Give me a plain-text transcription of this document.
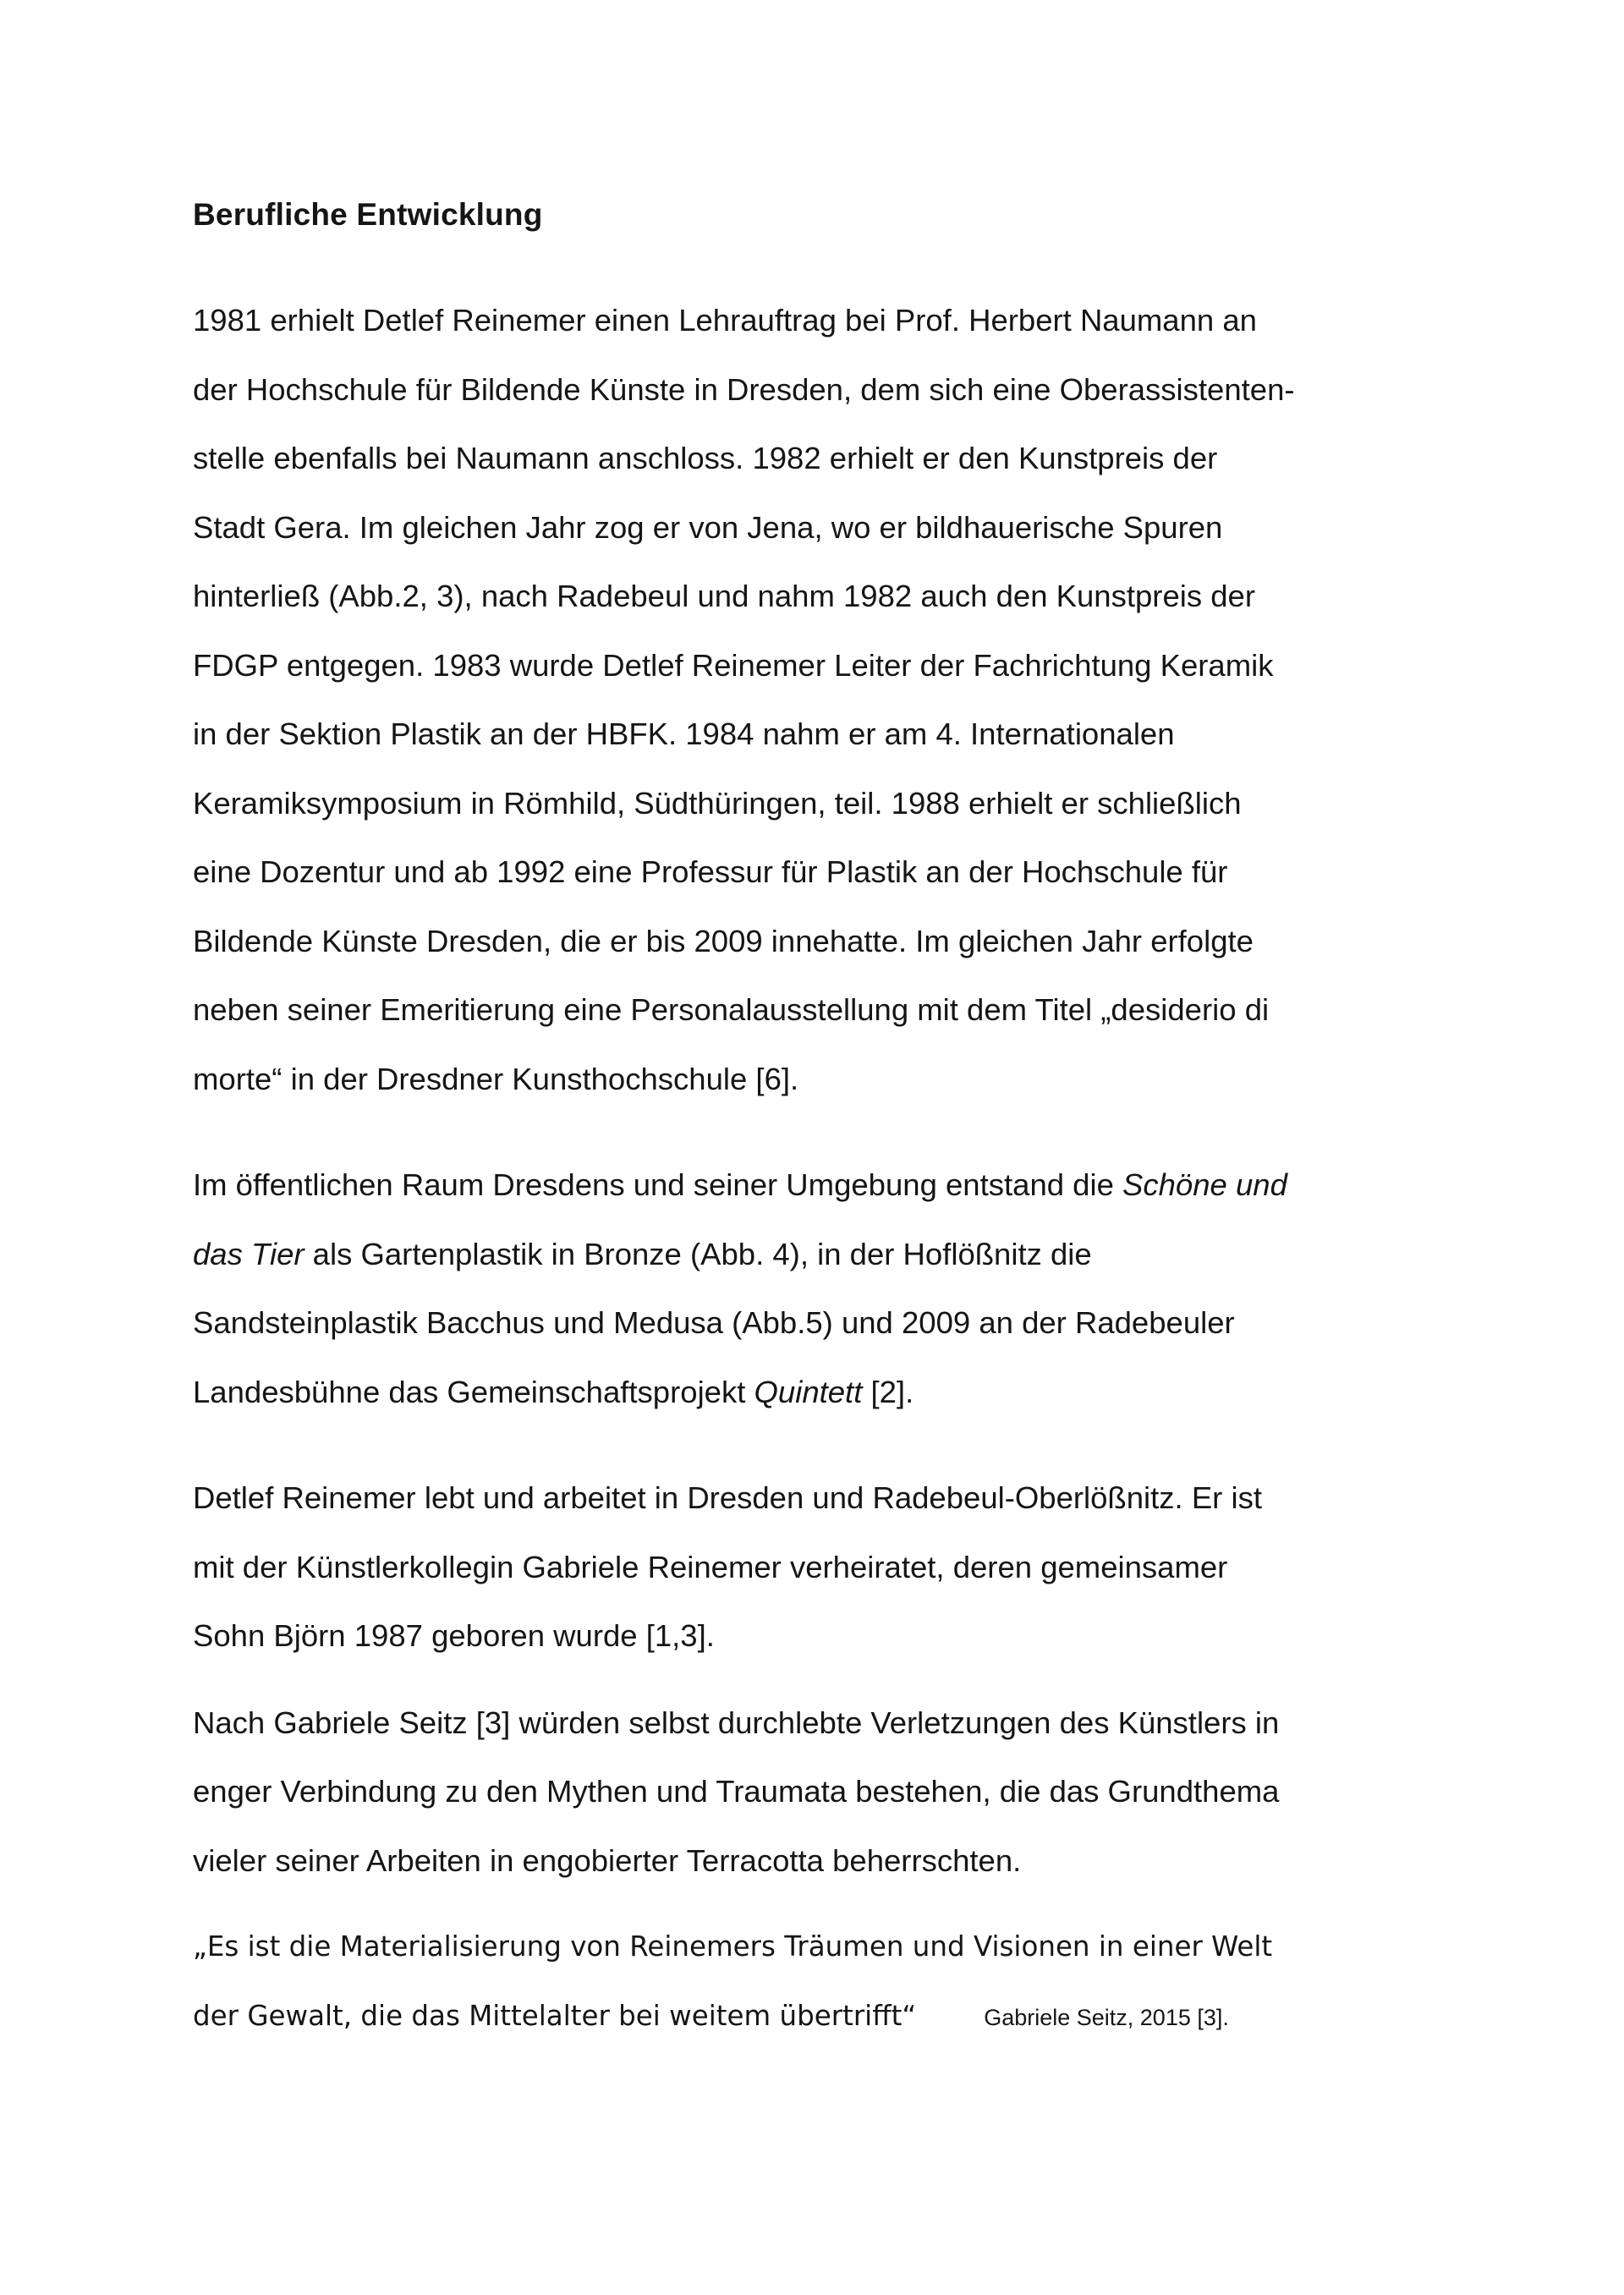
Berufliche Entwicklung

1981 erhielt Detlef Reinemer einen Lehrauftrag bei Prof. Herbert Naumann an
der Hochschule für Bildende Künste in Dresden, dem sich eine Oberassistenten-
stelle ebenfalls bei Naumann anschloss. 1982 erhielt er den Kunstpreis der
Stadt Gera. Im gleichen Jahr zog er von Jena, wo er bildhauerische Spuren
hinterließ (Abb.2, 3), nach Radebeul und nahm 1982 auch den Kunstpreis der
FDGP entgegen. 1983 wurde Detlef Reinemer Leiter der Fachrichtung Keramik
in der Sektion Plastik an der HBFK. 1984 nahm er am 4. Internationalen
Keramiksymposium in Römhild, Südthüringen, teil. 1988 erhielt er schließlich
eine Dozentur und ab 1992 eine Professur für Plastik an der Hochschule für
Bildende Künste Dresden, die er bis 2009 innehatte. Im gleichen Jahr erfolgte
neben seiner Emeritierung eine Personalausstellung mit dem Titel „desiderio di
morte“ in der Dresdner Kunsthochschule [6].

Im öffentlichen Raum Dresdens und seiner Umgebung entstand die Schöne und
das Tier als Gartenplastik in Bronze (Abb. 4), in der Hoflößnitz die
Sandsteinplastik Bacchus und Medusa (Abb.5) und 2009 an der Radebeuler
Landesbühne das Gemeinschaftsprojekt Quintett [2].

Detlef Reinemer lebt und arbeitet in Dresden und Radebeul-Oberlößnitz. Er ist
mit der Künstlerkollegin Gabriele Reinemer verheiratet, deren gemeinsamer
Sohn Björn 1987 geboren wurde [1,3].

Nach Gabriele Seitz [3] würden selbst durchlebte Verletzungen des Künstlers in
enger Verbindung zu den Mythen und Traumata bestehen, die das Grundthema
vieler seiner Arbeiten in engobierter Terracotta beherrschten.

„Es ist die Materialisierung von Reinemers Träumen und Visionen in einer Welt
der Gewalt, die das Mittelalter bei weitem übertrifft“	Gabriele Seitz, 2015 [3].
